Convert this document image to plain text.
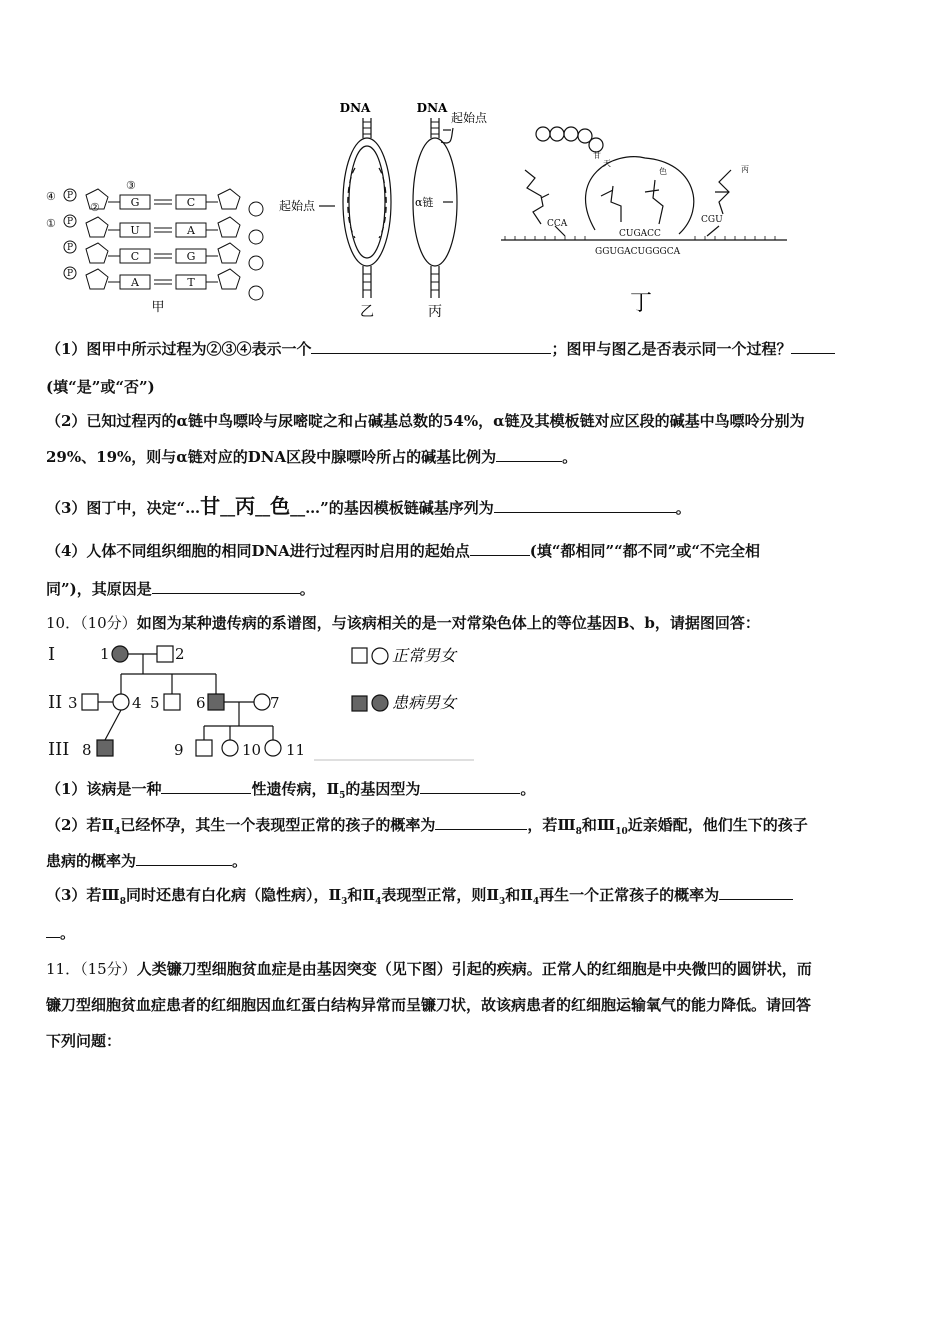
④
①
②
③
P
P
P
P
G
U
C
A
C
A
G
T
甲
DNA
起始点
乙
DNA
起始点
α链
丙
甘
天
色	丙
CCA
CUGACC
CGU
GGUGACUGGGCA
丁
（1）图甲中所示过程为②③④表示一个	；图甲与图乙是否表示同一个过程？
(填“是”或“否”)
（2）已知过程丙的α链中鸟嘌呤与尿嘧啶之和占碱基总数的54%，α链及其模板链对应区段的碱基中鸟嘌呤分别为
29%、19%，则与α链对应的DNA区段中腺嘌呤所占的碱基比例为	。
（3）图丁中，决定“…甘__丙__色__…”的基因模板链碱基序列为	。
（4）人体不同组织细胞的相同DNA进行过程丙时启用的起始点	(填“都相同”“都不同”或“不完全相
同”)，其原因是	。
10．（10分）如图为某种遗传病的系谱图，与该病相关的是一对常染色体上的等位基因B、b，请据图回答：
I
II
III
1	2
3	4 5 6	7
8	9	10 11
正常男女
患病男女
（1）该病是一种	性遗传病，$Ⅱ_5$的基因型为	。
（2）若$Ⅱ_4$已经怀孕，其生一个表现型正常的孩子的概率为	，若$Ⅲ_8$和$Ⅲ_{10}$近亲婚配，他们生下的孩子
患病的概率为	。
（3）若$Ⅲ_8$同时还患有白化病（隐性病），$Ⅱ_3$和$Ⅱ_4$表现型正常，则$Ⅱ_3$和$Ⅱ_4$再生一个正常孩子的概率为
。
11．（15分）人类镰刀型细胞贫血症是由基因突变（见下图）引起的疾病。正常人的红细胞是中央微凹的圆饼状，而
镰刀型细胞贫血症患者的红细胞因血红蛋白结构异常而呈镰刀状，故该病患者的红细胞运输氧气的能力降低。请回答
下列问题：
